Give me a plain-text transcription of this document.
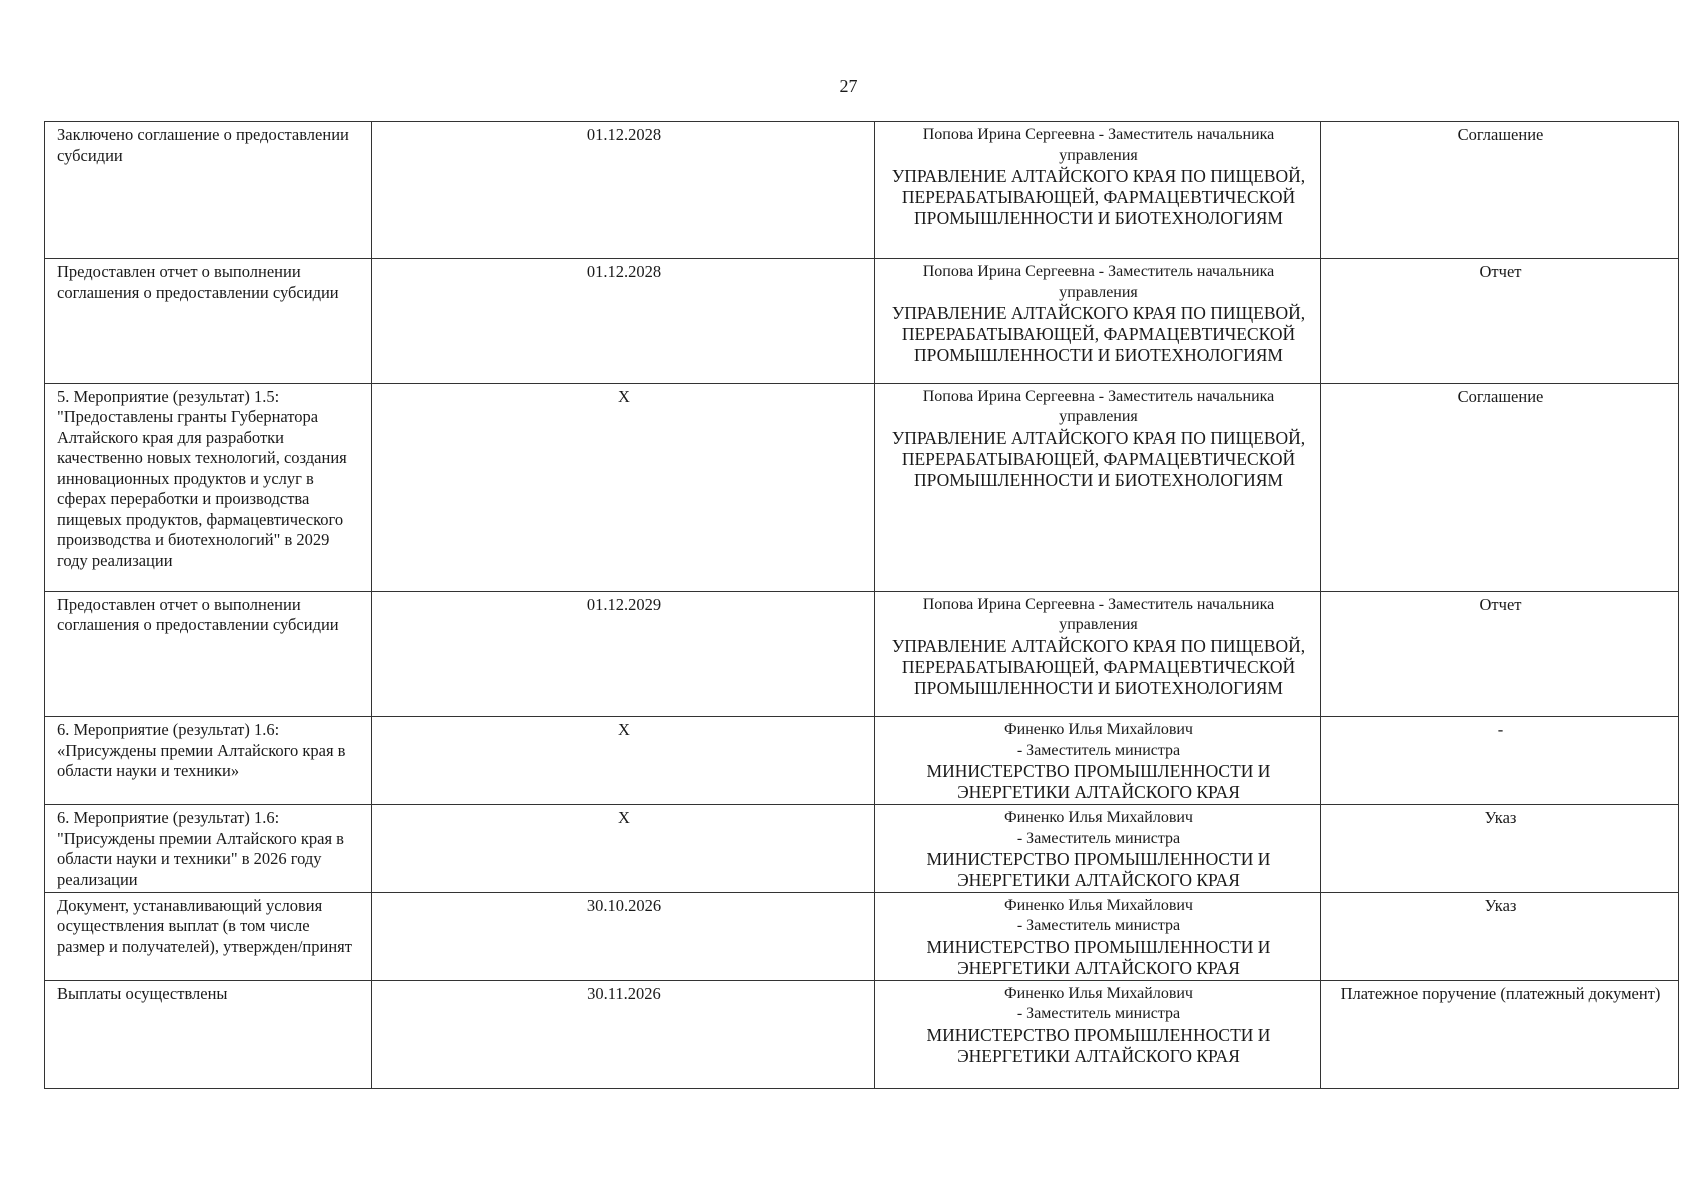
27
Заключено соглашение о предоставлении субсидии	01.12.2028	Попова Ирина Сергеевна - Заместитель начальника управления
УПРАВЛЕНИЕ АЛТАЙСКОГО КРАЯ ПО ПИЩЕВОЙ, ПЕРЕРАБАТЫВАЮЩЕЙ, ФАРМАЦЕВТИЧЕСКОЙ ПРОМЫШЛЕННОСТИ И БИОТЕХНОЛОГИЯМ	Соглашение
Предоставлен отчет о выполнении соглашения о предоставлении субсидии	01.12.2028	Попова Ирина Сергеевна - Заместитель начальника управления
УПРАВЛЕНИЕ АЛТАЙСКОГО КРАЯ ПО ПИЩЕВОЙ, ПЕРЕРАБАТЫВАЮЩЕЙ, ФАРМАЦЕВТИЧЕСКОЙ ПРОМЫШЛЕННОСТИ И БИОТЕХНОЛОГИЯМ	Отчет
5. Мероприятие (результат) 1.5: "Предоставлены гранты Губернатора Алтайского края для разработки качественно новых технологий, создания инновационных продуктов и услуг в сферах переработки и производства пищевых продуктов, фармацевтического производства и биотехнологий" в 2029 году реализации	X	Попова Ирина Сергеевна - Заместитель начальника управления
УПРАВЛЕНИЕ АЛТАЙСКОГО КРАЯ ПО ПИЩЕВОЙ, ПЕРЕРАБАТЫВАЮЩЕЙ, ФАРМАЦЕВТИЧЕСКОЙ ПРОМЫШЛЕННОСТИ И БИОТЕХНОЛОГИЯМ	Соглашение
Предоставлен отчет о выполнении соглашения о предоставлении субсидии	01.12.2029	Попова Ирина Сергеевна - Заместитель начальника управления
УПРАВЛЕНИЕ АЛТАЙСКОГО КРАЯ ПО ПИЩЕВОЙ, ПЕРЕРАБАТЫВАЮЩЕЙ, ФАРМАЦЕВТИЧЕСКОЙ ПРОМЫШЛЕННОСТИ И БИОТЕХНОЛОГИЯМ	Отчет
6. Мероприятие (результат) 1.6: «Присуждены премии Алтайского края в области науки и техники»	X	Финенко Илья Михайлович
- Заместитель министра
МИНИСТЕРСТВО ПРОМЫШЛЕННОСТИ И ЭНЕРГЕТИКИ АЛТАЙСКОГО КРАЯ	-
6. Мероприятие (результат) 1.6: "Присуждены премии Алтайского края в области науки и техники" в 2026 году реализации	X	Финенко Илья Михайлович
- Заместитель министра
МИНИСТЕРСТВО ПРОМЫШЛЕННОСТИ И ЭНЕРГЕТИКИ АЛТАЙСКОГО КРАЯ	Указ
Документ, устанавливающий условия осуществления выплат (в том числе размер и получателей), утвержден/принят	30.10.2026	Финенко Илья Михайлович
- Заместитель министра
МИНИСТЕРСТВО ПРОМЫШЛЕННОСТИ И ЭНЕРГЕТИКИ АЛТАЙСКОГО КРАЯ	Указ
Выплаты осуществлены	30.11.2026	Финенко Илья Михайлович
- Заместитель министра
МИНИСТЕРСТВО ПРОМЫШЛЕННОСТИ И ЭНЕРГЕТИКИ АЛТАЙСКОГО КРАЯ	Платежное поручение (платежный документ)
